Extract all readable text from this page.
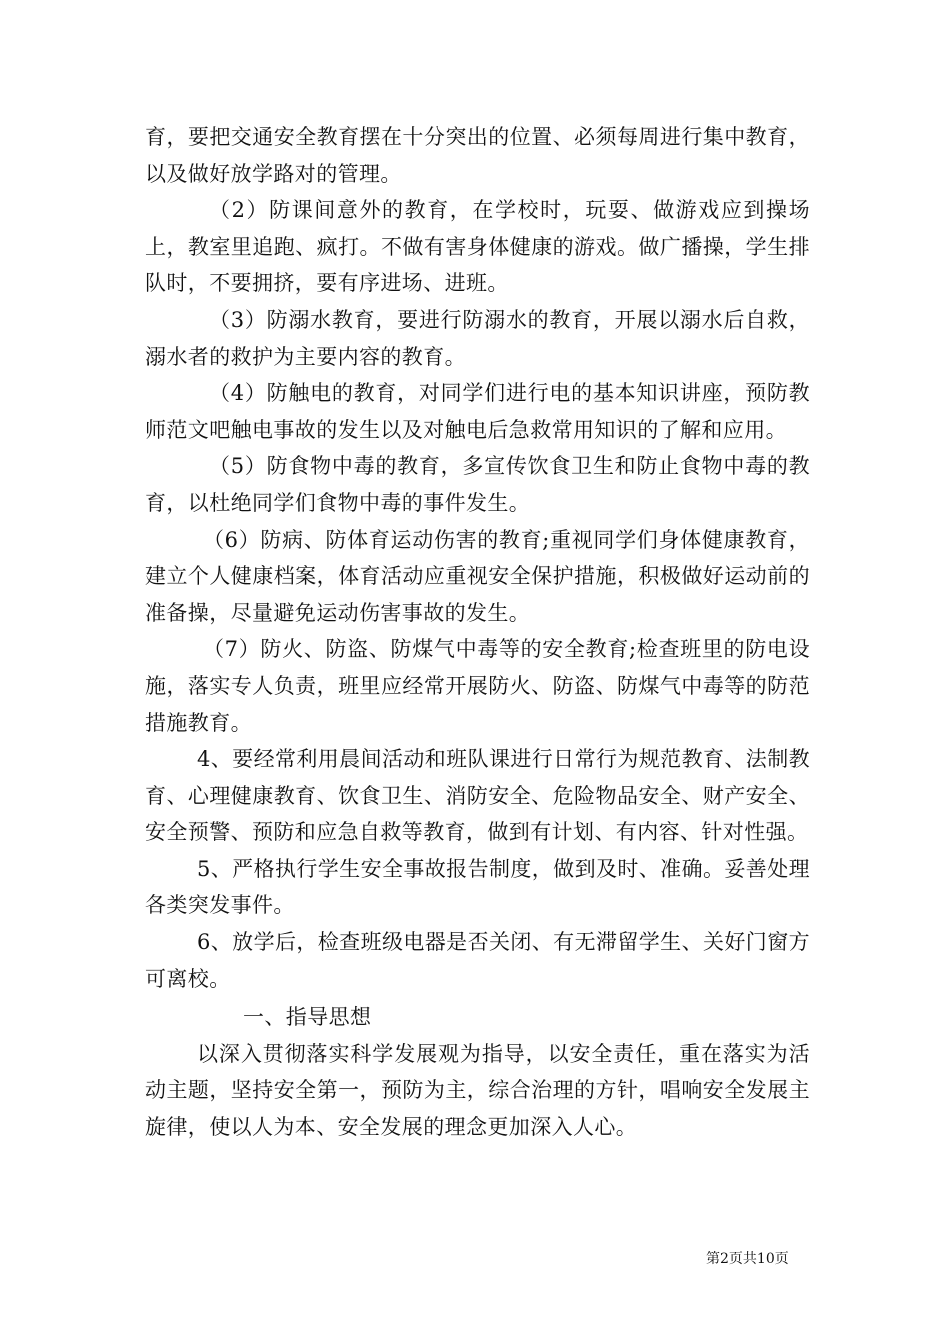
育，要把交通安全教育摆在十分突出的位置、必须每周进行集中教育，以及做好放学路对的管理。

（2）防课间意外的教育，在学校时，玩耍、做游戏应到操场上，教室里追跑、疯打。不做有害身体健康的游戏。做广播操，学生排队时，不要拥挤，要有序进场、进班。

（3）防溺水教育，要进行防溺水的教育，开展以溺水后自救，溺水者的救护为主要内容的教育。

（4）防触电的教育，对同学们进行电的基本知识讲座，预防教师范文吧触电事故的发生以及对触电后急救常用知识的了解和应用。

（5）防食物中毒的教育，多宣传饮食卫生和防止食物中毒的教育，以杜绝同学们食物中毒的事件发生。

（6）防病、防体育运动伤害的教育;重视同学们身体健康教育，建立个人健康档案，体育活动应重视安全保护措施，积极做好运动前的准备操，尽量避免运动伤害事故的发生。

（7）防火、防盗、防煤气中毒等的安全教育;检查班里的防电设施，落实专人负责，班里应经常开展防火、防盗、防煤气中毒等的防范措施教育。

4、要经常利用晨间活动和班队课进行日常行为规范教育、法制教育、心理健康教育、饮食卫生、消防安全、危险物品安全、财产安全、安全预警、预防和应急自救等教育，做到有计划、有内容、针对性强。

5、严格执行学生安全事故报告制度，做到及时、准确。妥善处理各类突发事件。

6、放学后，检查班级电器是否关闭、有无滞留学生、关好门窗方可离校。

一、指导思想

以深入贯彻落实科学发展观为指导，以安全责任，重在落实为活动主题，坚持安全第一，预防为主，综合治理的方针，唱响安全发展主旋律，使以人为本、安全发展的理念更加深入人心。

第2页共10页
